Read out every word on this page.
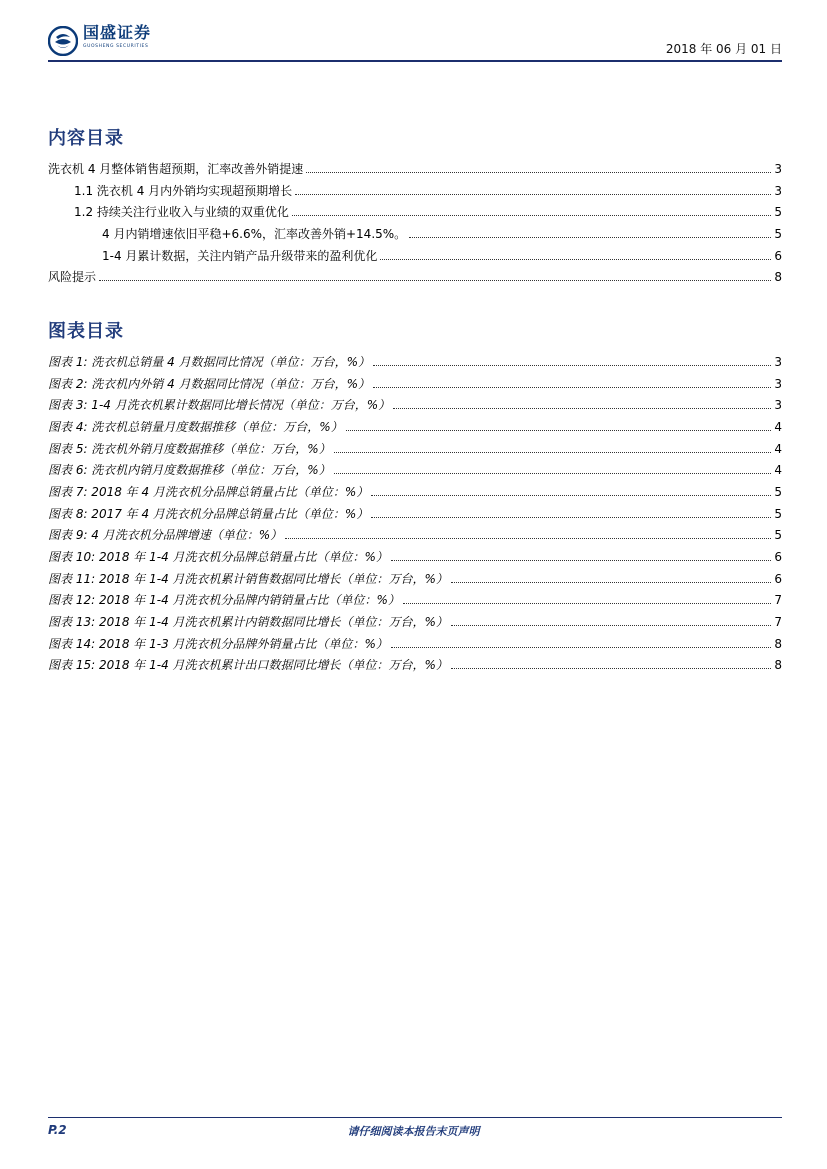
国盛证券
GUOSHENG SECURITIES	2018 年 06 月 01 日
内容目录
洗衣机 4 月整体销售超预期，汇率改善外销提速	3
1.1 洗衣机 4 月内外销均实现超预期增长	3
1.2 持续关注行业收入与业绩的双重优化	5
4 月内销增速依旧平稳+6.6%，汇率改善外销+14.5%。	5
1-4 月累计数据，关注内销产品升级带来的盈利优化	6
风险提示	8
图表目录
图表 1: 洗衣机总销量 4 月数据同比情况（单位：万台，%）	3
图表 2: 洗衣机内外销 4 月数据同比情况（单位：万台，%）	3
图表 3: 1-4 月洗衣机累计数据同比增长情况（单位：万台，%）	3
图表 4: 洗衣机总销量月度数据推移（单位：万台，%）	4
图表 5: 洗衣机外销月度数据推移（单位：万台，%）	4
图表 6: 洗衣机内销月度数据推移（单位：万台，%）	4
图表 7: 2018 年 4 月洗衣机分品牌总销量占比（单位：%）	5
图表 8: 2017 年 4 月洗衣机分品牌总销量占比（单位：%）	5
图表 9: 4 月洗衣机分品牌增速（单位：%）	5
图表 10: 2018 年 1-4 月洗衣机分品牌总销量占比（单位：%）	6
图表 11: 2018 年 1-4 月洗衣机累计销售数据同比增长（单位：万台，%）	6
图表 12: 2018 年 1-4 月洗衣机分品牌内销销量占比（单位：%）	7
图表 13: 2018 年 1-4 月洗衣机累计内销数据同比增长（单位：万台，%）	7
图表 14: 2018 年 1-3 月洗衣机分品牌外销量占比（单位：%）	8
图表 15: 2018 年 1-4 月洗衣机累计出口数据同比增长（单位：万台，%）	8
P.2	请仔细阅读本报告末页声明
